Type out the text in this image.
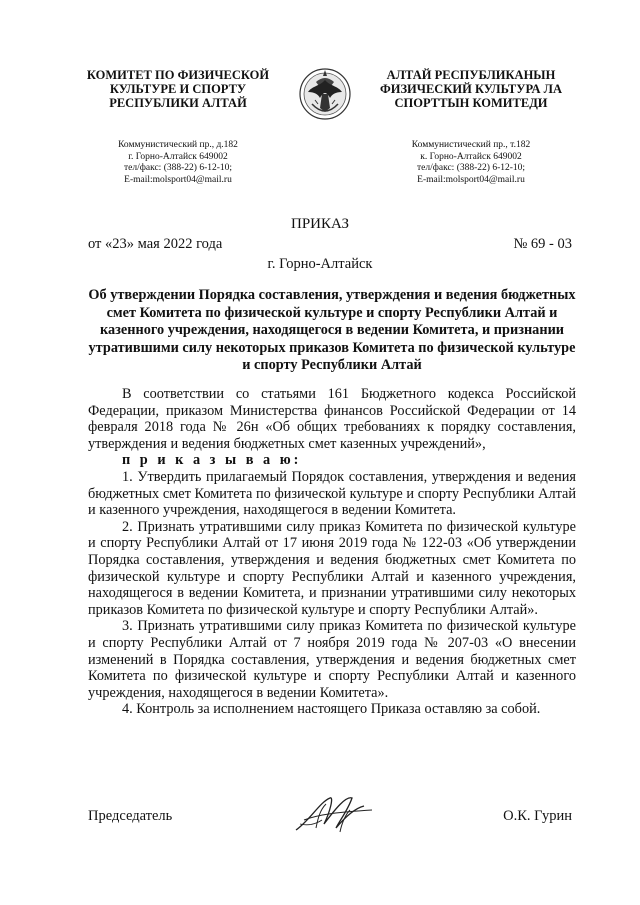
КОМИТЕТ ПО ФИЗИЧЕСКОЙ
КУЛЬТУРЕ И СПОРТУ
РЕСПУБЛИКИ АЛТАЙ
Коммунистический пр., д.182
г. Горно-Алтайск 649002
тел/факс: (388-22) 6-12-10;
E-mail:molsport04@mail.ru
АЛТАЙ РЕСПУБЛИКАНЫН
ФИЗИЧЕСКИЙ КУЛЬТУРА ЛА
СПОРТТЫН КОМИТЕДИ
Коммунистический пр., т.182
к. Горно-Алтайск 649002
тел/факс: (388-22) 6-12-10;
E-mail:molsport04@mail.ru
ПРИКАЗ
от «23» мая 2022 года	№ 69 - 03
г. Горно-Алтайск
Об утверждении Порядка составления, утверждения и ведения бюджетных смет Комитета по физической культуре и спорту Республики Алтай и казенного учреждения, находящегося в ведении Комитета, и признании утратившими силу некоторых приказов Комитета по физической культуре и спорту Республики Алтай

В соответствии со статьями 161 Бюджетного кодекса Российской Федерации, приказом Министерства финансов Российской Федерации от 14 февраля 2018 года № 26н «Об общих требованиях к порядку составления, утверждения и ведения бюджетных смет казенных учреждений»,

п р и к а з ы в а ю:

1. Утвердить прилагаемый Порядок составления, утверждения и ведения бюджетных смет Комитета по физической культуре и спорту Республики Алтай и казенного учреждения, находящегося в ведении Комитета.

2. Признать утратившими силу приказ Комитета по физической культуре и спорту Республики Алтай от 17 июня 2019 года № 122-03 «Об утверждении Порядка составления, утверждения и ведения бюджетных смет Комитета по физической культуре и спорту Республики Алтай и казенного учреждения, находящегося в ведении Комитета, и признании утратившими силу некоторых приказов Комитета по физической культуре и спорту Республики Алтай».

3. Признать утратившими силу приказ Комитета по физической культуре и спорту Республики Алтай от 7 ноября 2019 года № 207-03 «О внесении изменений в Порядка составления, утверждения и ведения бюджетных смет Комитета по физической культуре и спорту Республики Алтай и казенного учреждения, находящегося в ведении Комитета».

4. Контроль за исполнением настоящего Приказа оставляю за собой.

Председатель	О.К. Гурин
